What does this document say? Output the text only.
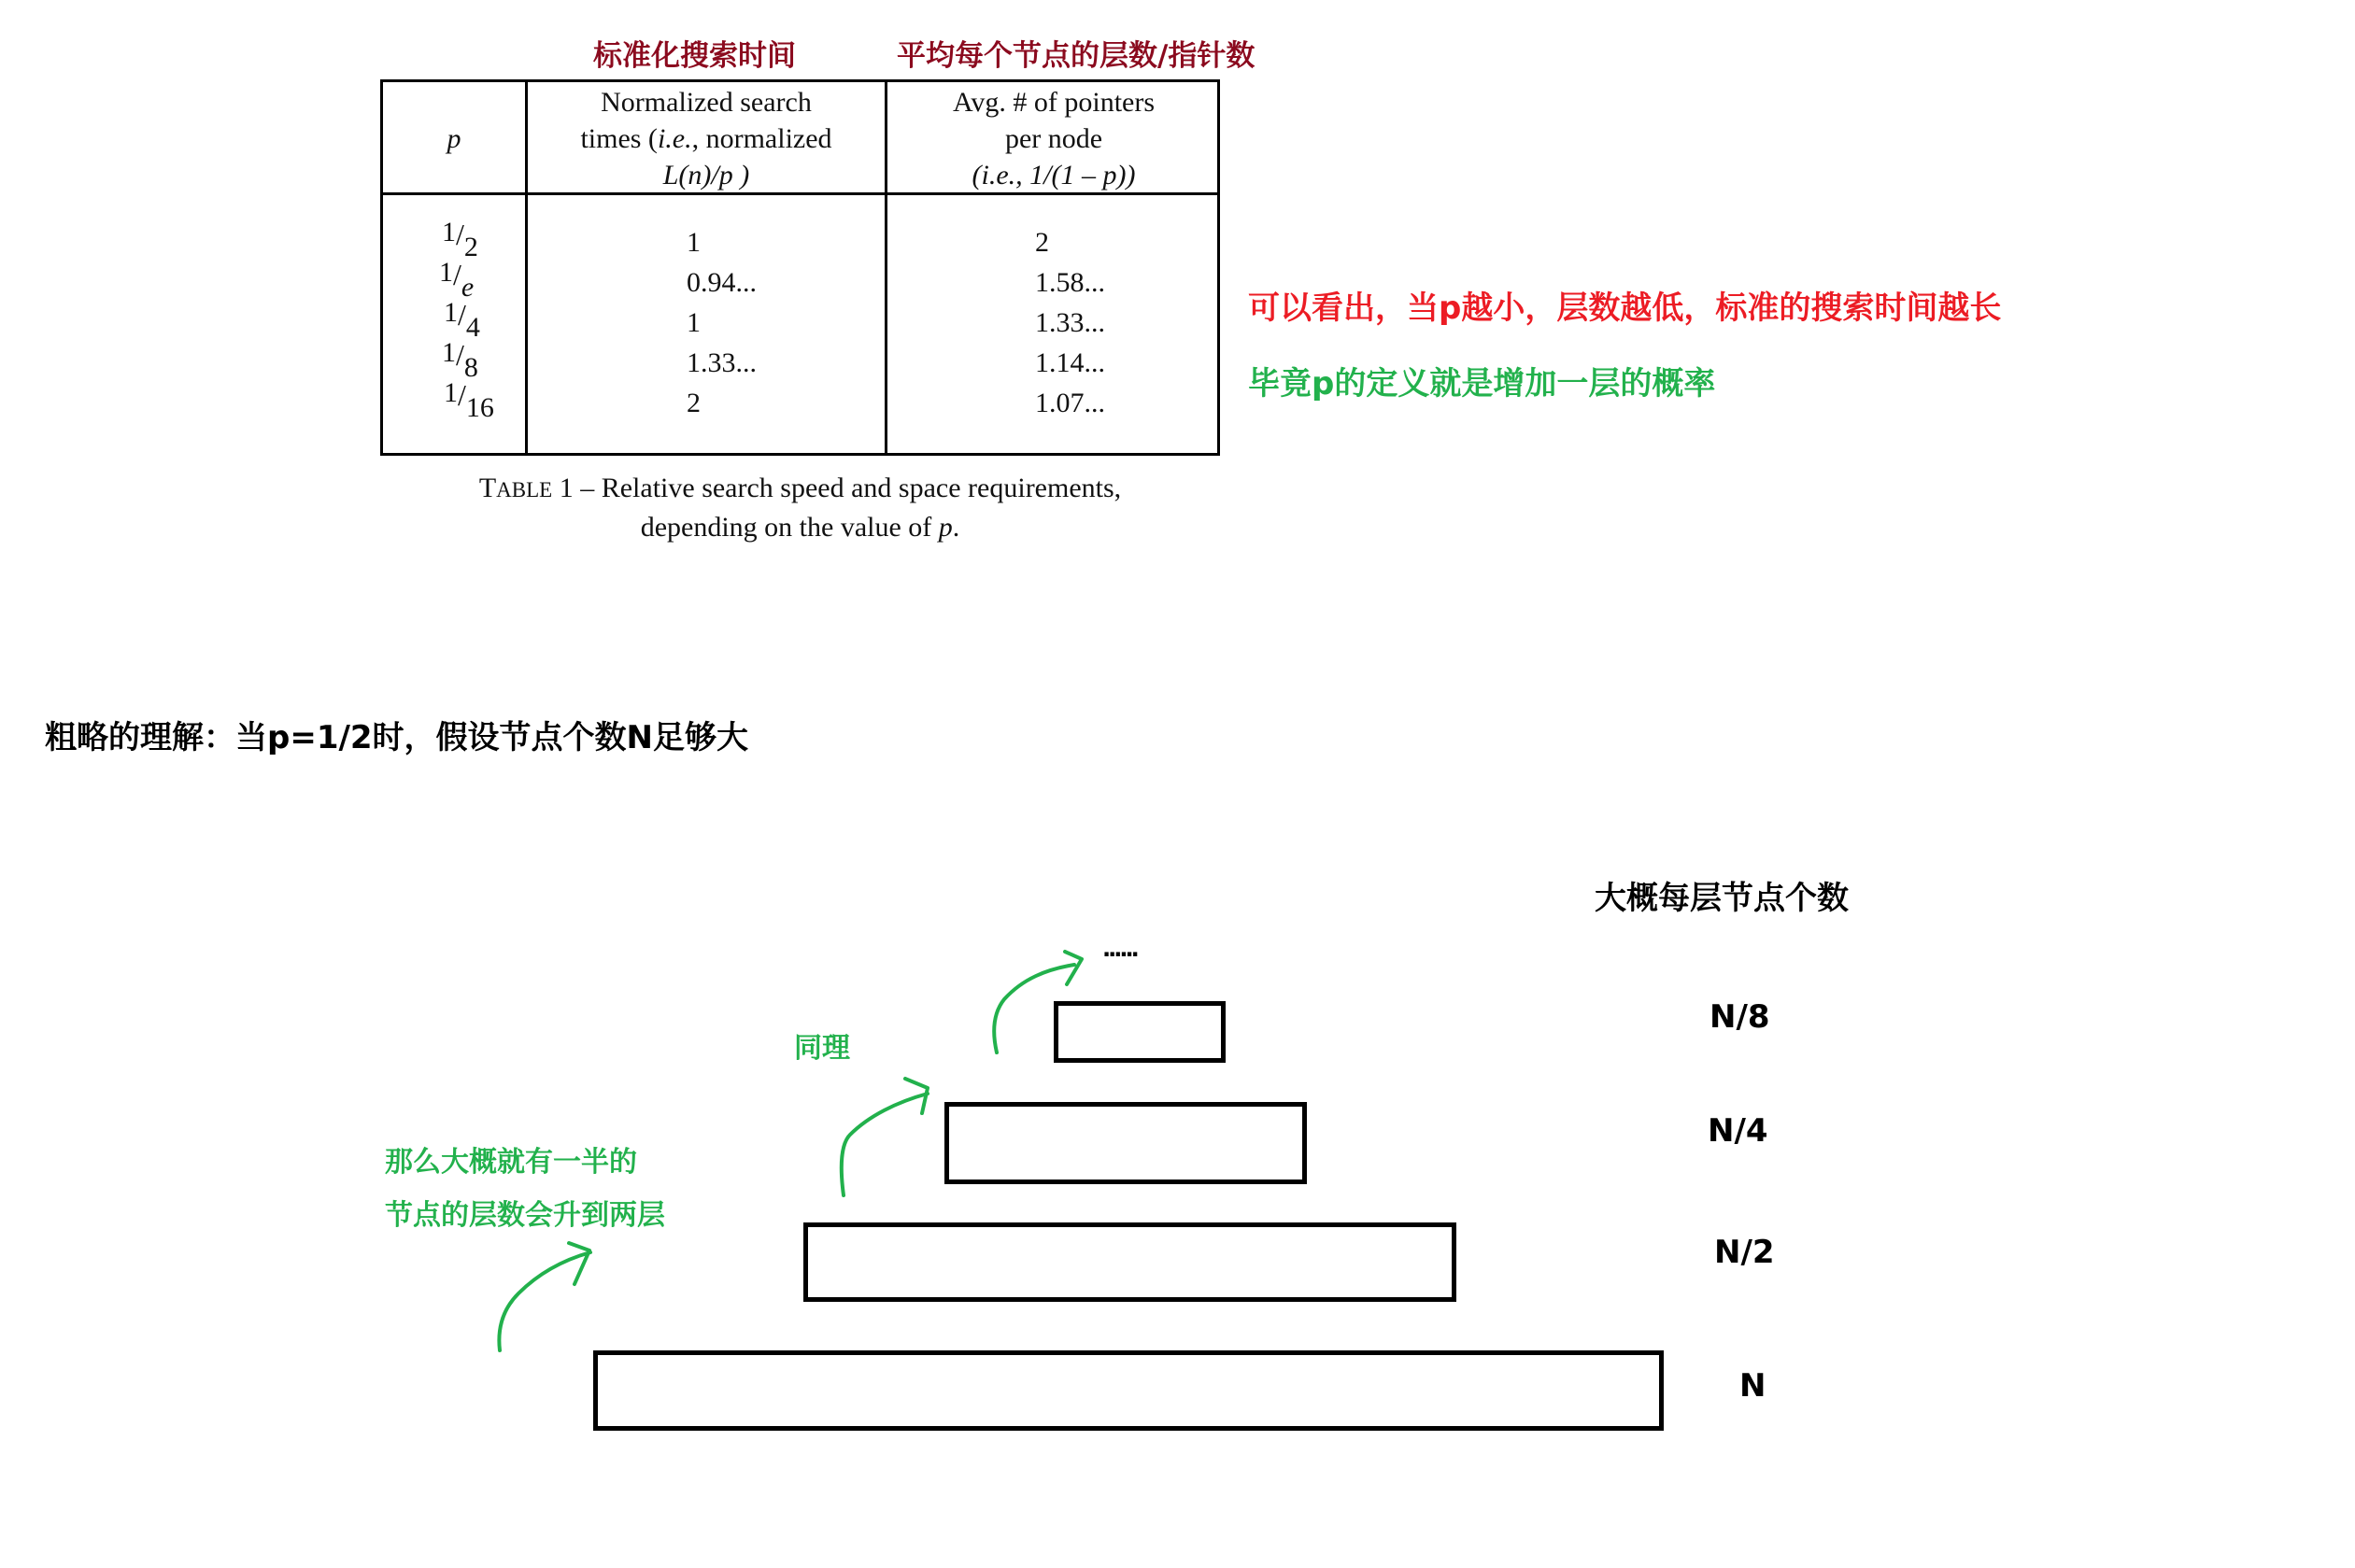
标准化搜索时间	平均每个节点的层数/指针数
p
Normalized search
times (i.e., normalized
L(n)/p )
Avg. # of pointers
per node
(i.e., 1/(1 – p))
$^1/_2$
$^1/_e$
$^1/_4$
$^1/_8$
$^1/_{16}$
1
0.94...
1
1.33...
2
2
1.58...
1.33...
1.14...
1.07...
TABLE 1 – Relative search speed and space requirements,
depending on the value of p.
可以看出，当p越小，层数越低，标准的搜索时间越长
毕竟p的定义就是增加一层的概率
粗略的理解：当p=1/2时，假设节点个数N足够大
大概每层节点个数
N/8
N/4
N/2
N
......
那么大概就有一半的
节点的层数会升到两层
同理
